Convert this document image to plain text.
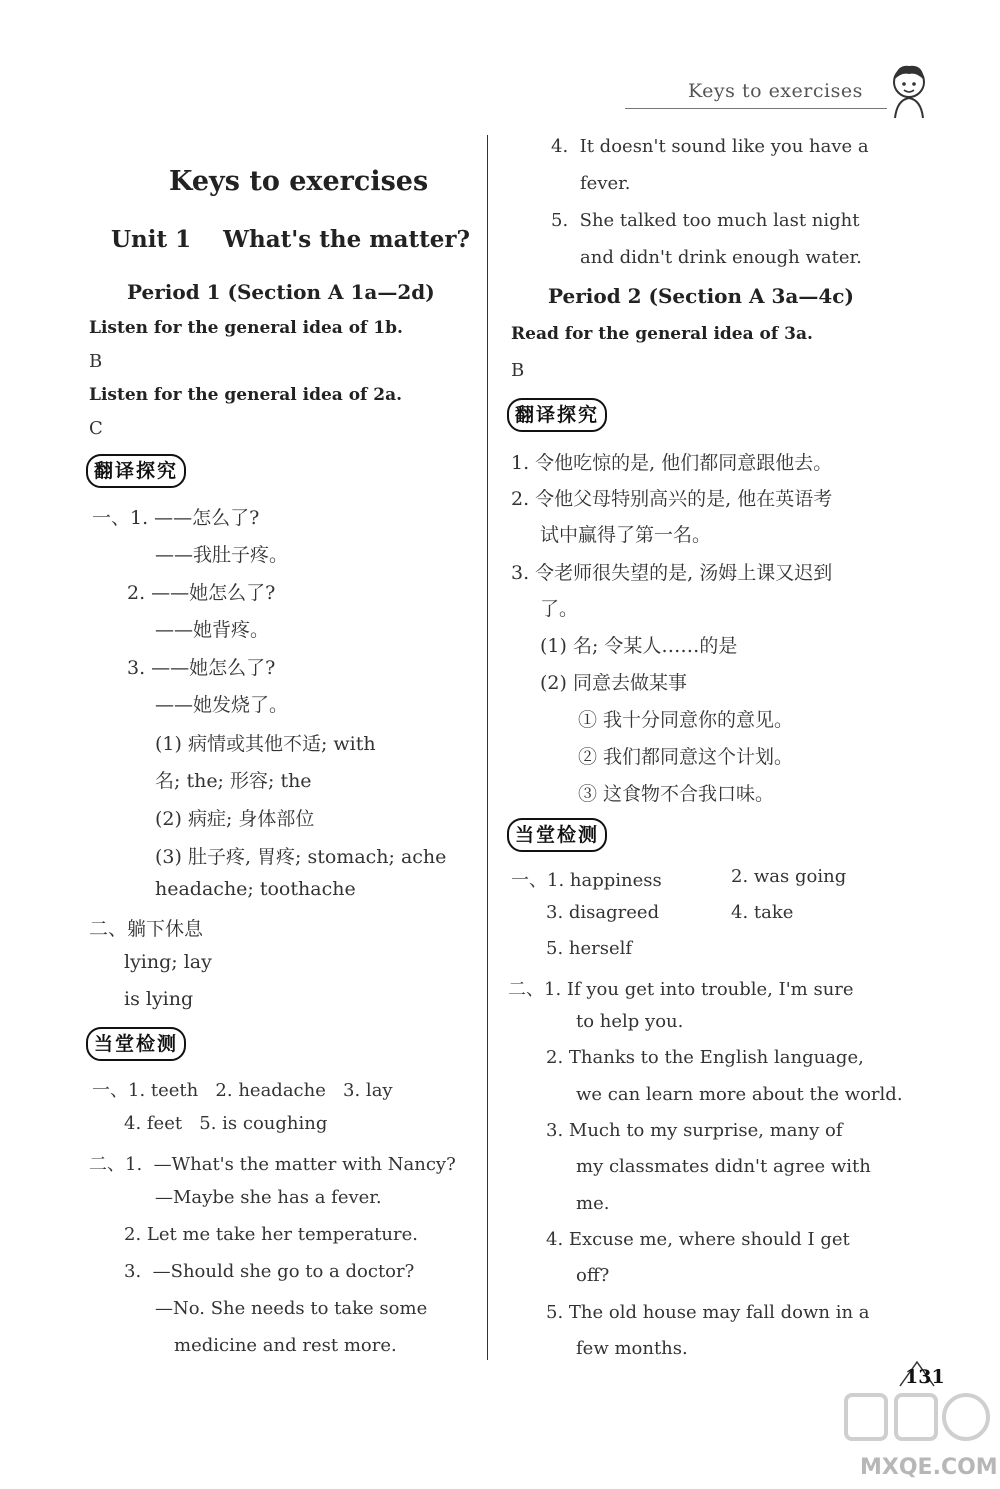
Keys to exercises
Keys to exercises
Unit 1    What's the matter?
Period 1 (Section A 1a—2d)
Listen for the general idea of 1b.
B
Listen for the general idea of 2a.
C
翻译探究
一、1. ——怎么了?
——我肚子疼。
2. ——她怎么了?
——她背疼。
3. ——她怎么了?
——她发烧了。
(1) 病情或其他不适; with
名; the; 形容; the
(2) 病症; 身体部位
(3) 肚子疼, 胃疼; stomach; ache
headache; toothache
二、躺下休息
lying; lay
is lying
当堂检测
一、1. teeth   2. headache   3. lay
4. feet   5. is coughing
二、1.  —What's the matter with Nancy?
—Maybe she has a fever.
2. Let me take her temperature.
3.  —Should she go to a doctor?
—No. She needs to take some
medicine and rest more.
4.  It doesn't sound like you have a
fever.
5.  She talked too much last night
and didn't drink enough water.
Period 2 (Section A 3a—4c)
Read for the general idea of 3a.
B
翻译探究
1. 令他吃惊的是, 他们都同意跟他去。
2. 令他父母特别高兴的是, 他在英语考
试中赢得了第一名。
3. 令老师很失望的是, 汤姆上课又迟到
了。
(1) 名; 令某人……的是
(2) 同意去做某事
① 我十分同意你的意见。
② 我们都同意这个计划。
③ 这食物不合我口味。
当堂检测
一、1. happiness	2. was going
3. disagreed	4. take
5. herself
二、1. If you get into trouble, I'm sure
to help you.
2. Thanks to the English language,
we can learn more about the world.
3. Much to my surprise, many of
my classmates didn't agree with
me.
4. Excuse me, where should I get
off?
5. The old house may fall down in a
few months.
131
MXQE.COM
